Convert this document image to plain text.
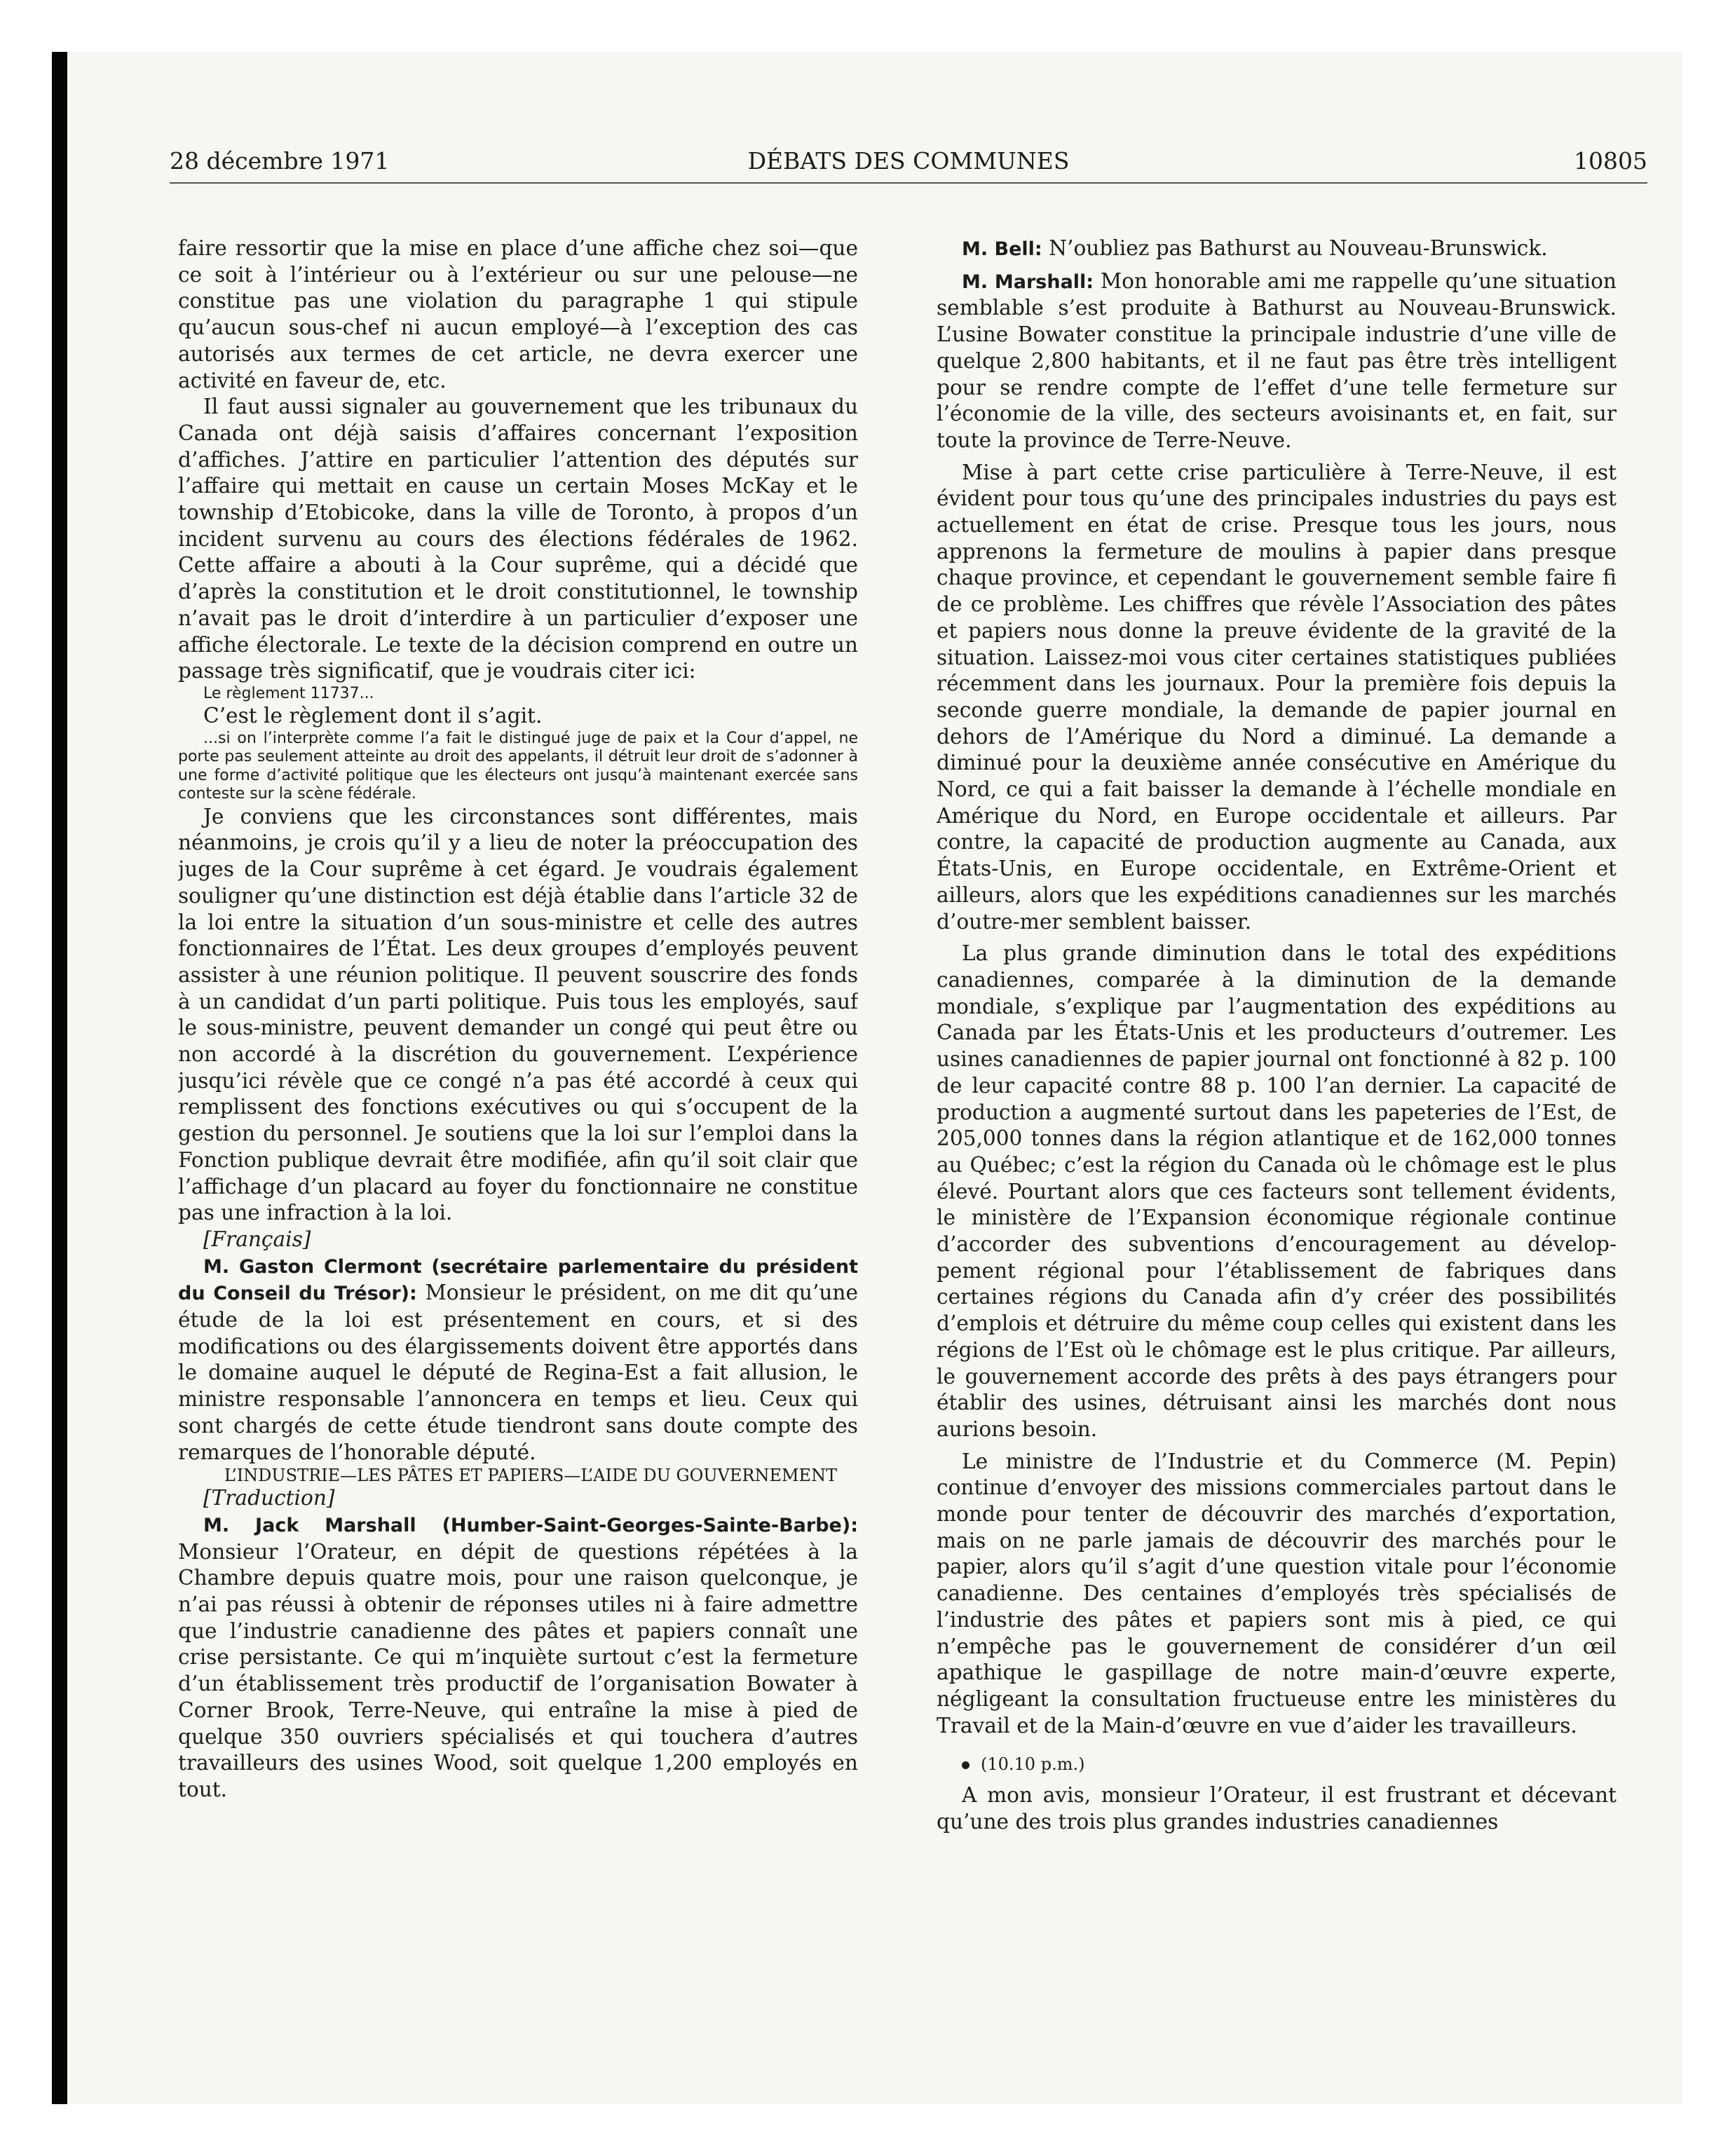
28 décembre 1971	DÉBATS DES COMMUNES	10805

faire ressortir que la mise en place d’une affiche chez soi—que ce soit à l’intérieur ou à l’extérieur ou sur une pelouse—ne constitue pas une violation du paragraphe 1 qui stipule qu’aucun sous-chef ni aucun employé—à l’exception des cas autorisés aux termes de cet article, ne devra exercer une activité en faveur de, etc.

Il faut aussi signaler au gouvernement que les tribunaux du Canada ont déjà saisis d’affaires concernant l’exposition d’affiches. J’attire en particulier l’attention des députés sur l’affaire qui mettait en cause un certain Moses McKay et le township d’Etobicoke, dans la ville de Toronto, à propos d’un incident survenu au cours des élections fédérales de 1962. Cette affaire a abouti à la Cour suprême, qui a décidé que d’après la constitution et le droit constitutionnel, le township n’avait pas le droit d’interdire à un particulier d’exposer une affiche électorale. Le texte de la décision comprend en outre un passage très significatif, que je voudrais citer ici:

Le règlement 11737...

C’est le règlement dont il s’agit.

...si on l’interprète comme l’a fait le distingué juge de paix et la Cour d’appel, ne porte pas seulement atteinte au droit des appelants, il détruit leur droit de s’adonner à une forme d’activité politique que les électeurs ont jusqu’à maintenant exercée sans conteste sur la scène fédérale.

Je conviens que les circonstances sont différentes, mais néanmoins, je crois qu’il y a lieu de noter la préoccupation des juges de la Cour suprême à cet égard. Je voudrais également souligner qu’une distinction est déjà établie dans l’article 32 de la loi entre la situation d’un sous-ministre et celle des autres fonctionnaires de l’État. Les deux groupes d’employés peuvent assister à une réunion politique. Il peuvent souscrire des fonds à un candidat d’un parti politique. Puis tous les employés, sauf le sous-ministre, peuvent demander un congé qui peut être ou non accordé à la discrétion du gouvernement. L’expérience jusqu’ici révèle que ce congé n’a pas été accordé à ceux qui remplissent des fonctions exécutives ou qui s’occupent de la gestion du personnel. Je soutiens que la loi sur l’emploi dans la Fonction publique devrait être modifiée, afin qu’il soit clair que l’affichage d’un placard au foyer du fonctionnaire ne constitue pas une infraction à la loi.

[Français]

M. Gaston Clermont (secrétaire parlementaire du président du Conseil du Trésor): Monsieur le président, on me dit qu’une étude de la loi est présentement en cours, et si des modifications ou des élargissements doivent être apportés dans le domaine auquel le député de Regina-Est a fait allusion, le ministre responsable l’annoncera en temps et lieu. Ceux qui sont chargés de cette étude tiendront sans doute compte des remarques de l’honorable député.

L’INDUSTRIE—LES PÂTES ET PAPIERS—L’AIDE DU GOUVERNEMENT

[Traduction]

M. Jack Marshall (Humber-Saint-Georges-Sainte-Barbe): Monsieur l’Orateur, en dépit de questions répétées à la Chambre depuis quatre mois, pour une raison quelconque, je n’ai pas réussi à obtenir de réponses utiles ni à faire admettre que l’industrie canadienne des pâtes et papiers connaît une crise persistante. Ce qui m’inquiète surtout c’est la fermeture d’un établissement très productif de l’organisation Bowater à Corner Brook, Terre-Neuve, qui entraîne la mise à pied de quelque 350 ouvriers spécialisés et qui touchera d’autres travailleurs des usines Wood, soit quelque 1,200 employés en tout.

M. Bell: N’oubliez pas Bathurst au Nouveau-Brunswick.

M. Marshall: Mon honorable ami me rappelle qu’une situation semblable s’est produite à Bathurst au Nouveau-Brunswick. L’usine Bowater constitue la principale industrie d’une ville de quelque 2,800 habitants, et il ne faut pas être très intelligent pour se rendre compte de l’effet d’une telle fermeture sur l’économie de la ville, des secteurs avoisinants et, en fait, sur toute la province de Terre-Neuve.

Mise à part cette crise particulière à Terre-Neuve, il est évident pour tous qu’une des principales industries du pays est actuellement en état de crise. Presque tous les jours, nous apprenons la fermeture de moulins à papier dans presque chaque province, et cependant le gouvernement semble faire fi de ce problème. Les chiffres que révèle l’Association des pâtes et papiers nous donne la preuve évidente de la gravité de la situation. Laissez-moi vous citer certaines statistiques publiées récemment dans les journaux. Pour la première fois depuis la seconde guerre mondiale, la demande de papier journal en dehors de l’Amérique du Nord a diminué. La demande a diminué pour la deuxième année consécutive en Amérique du Nord, ce qui a fait baisser la demande à l’échelle mondiale en Amérique du Nord, en Europe occidentale et ailleurs. Par contre, la capacité de production augmente au Canada, aux États-Unis, en Europe occidentale, en Extrême-Orient et ailleurs, alors que les expéditions canadiennes sur les marchés d’outre-mer semblent baisser.

La plus grande diminution dans le total des expéditions canadiennes, comparée à la diminution de la demande mondiale, s’explique par l’augmentation des expéditions au Canada par les États-Unis et les producteurs d’outremer. Les usines canadiennes de papier journal ont fonctionné à 82 p. 100 de leur capacité contre 88 p. 100 l’an dernier. La capacité de production a augmenté surtout dans les papeteries de l’Est, de 205,000 tonnes dans la région atlantique et de 162,000 tonnes au Québec; c’est la région du Canada où le chômage est le plus élevé. Pourtant alors que ces facteurs sont tellement évidents, le ministère de l’Expansion économique régionale continue d’accorder des subventions d’encouragement au développement régional pour l’établissement de fabriques dans certaines régions du Canada afin d’y créer des possibilités d’emplois et détruire du même coup celles qui existent dans les régions de l’Est où le chômage est le plus critique. Par ailleurs, le gouvernement accorde des prêts à des pays étrangers pour établir des usines, détruisant ainsi les marchés dont nous aurions besoin.

Le ministre de l’Industrie et du Commerce (M. Pepin) continue d’envoyer des missions commerciales partout dans le monde pour tenter de découvrir des marchés d’exportation, mais on ne parle jamais de découvrir des marchés pour le papier, alors qu’il s’agit d’une question vitale pour l’économie canadienne. Des centaines d’employés très spécialisés de l’industrie des pâtes et papiers sont mis à pied, ce qui n’empêche pas le gouvernement de considérer d’un œil apathique le gaspillage de notre main-d’œuvre experte, négligeant la consultation fructueuse entre les ministères du Travail et de la Main-d’œuvre en vue d’aider les travailleurs.

(10.10 p.m.)

A mon avis, monsieur l’Orateur, il est frustrant et décevant qu’une des trois plus grandes industries canadiennes
